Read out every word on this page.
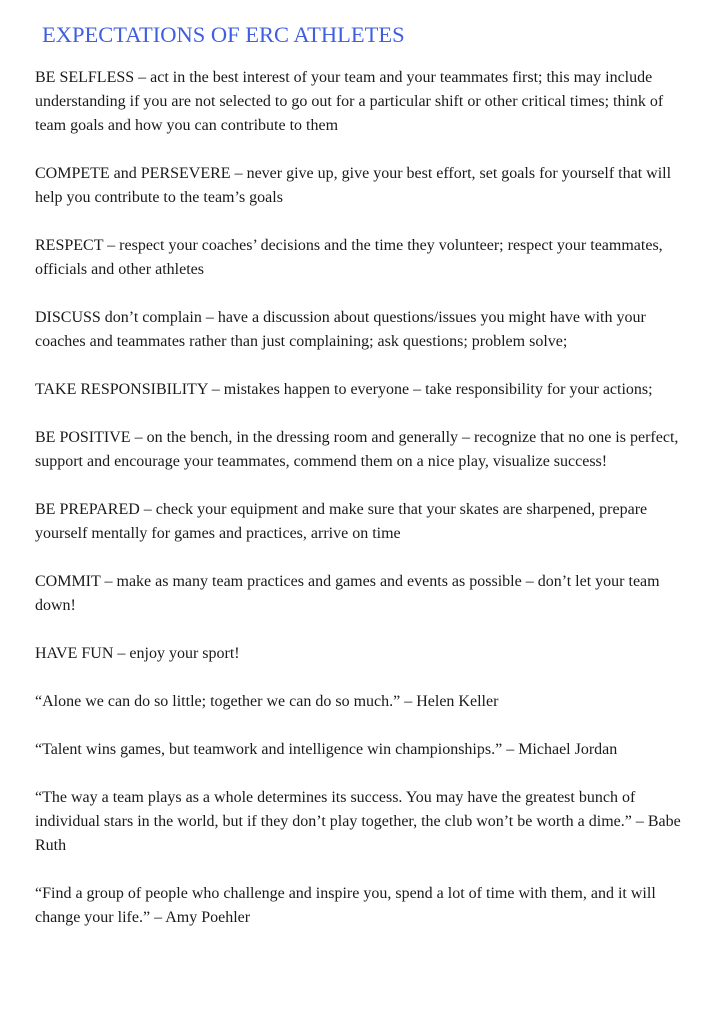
EXPECTATIONS OF ERC ATHLETES

BE SELFLESS – act in the best interest of your team and your teammates first; this may include understanding if you are not selected to go out for a particular shift or other critical times; think of team goals and how you can contribute to them

COMPETE and PERSEVERE – never give up, give your best effort, set goals for yourself that will help you contribute to the team’s goals

RESPECT – respect your coaches’ decisions and the time they volunteer; respect your teammates, officials and other athletes

DISCUSS don’t complain – have a discussion about questions/issues you might have with your coaches and teammates rather than just complaining; ask questions; problem solve;

TAKE RESPONSIBILITY – mistakes happen to everyone – take responsibility for your actions;

BE POSITIVE – on the bench, in the dressing room and generally – recognize that no one is perfect, support and encourage your teammates, commend them on a nice play, visualize success!

BE PREPARED – check your equipment and make sure that your skates are sharpened, prepare yourself mentally for games and practices, arrive on time

COMMIT – make as many team practices and games and events as possible – don’t let your team down!

HAVE FUN – enjoy your sport!

“Alone we can do so little; together we can do so much.” – Helen Keller

“Talent wins games, but teamwork and intelligence win championships.” – Michael Jordan

“The way a team plays as a whole determines its success. You may have the greatest bunch of individual stars in the world, but if they don’t play together, the club won’t be worth a dime.” – Babe Ruth

“Find a group of people who challenge and inspire you, spend a lot of time with them, and it will change your life.” – Amy Poehler
